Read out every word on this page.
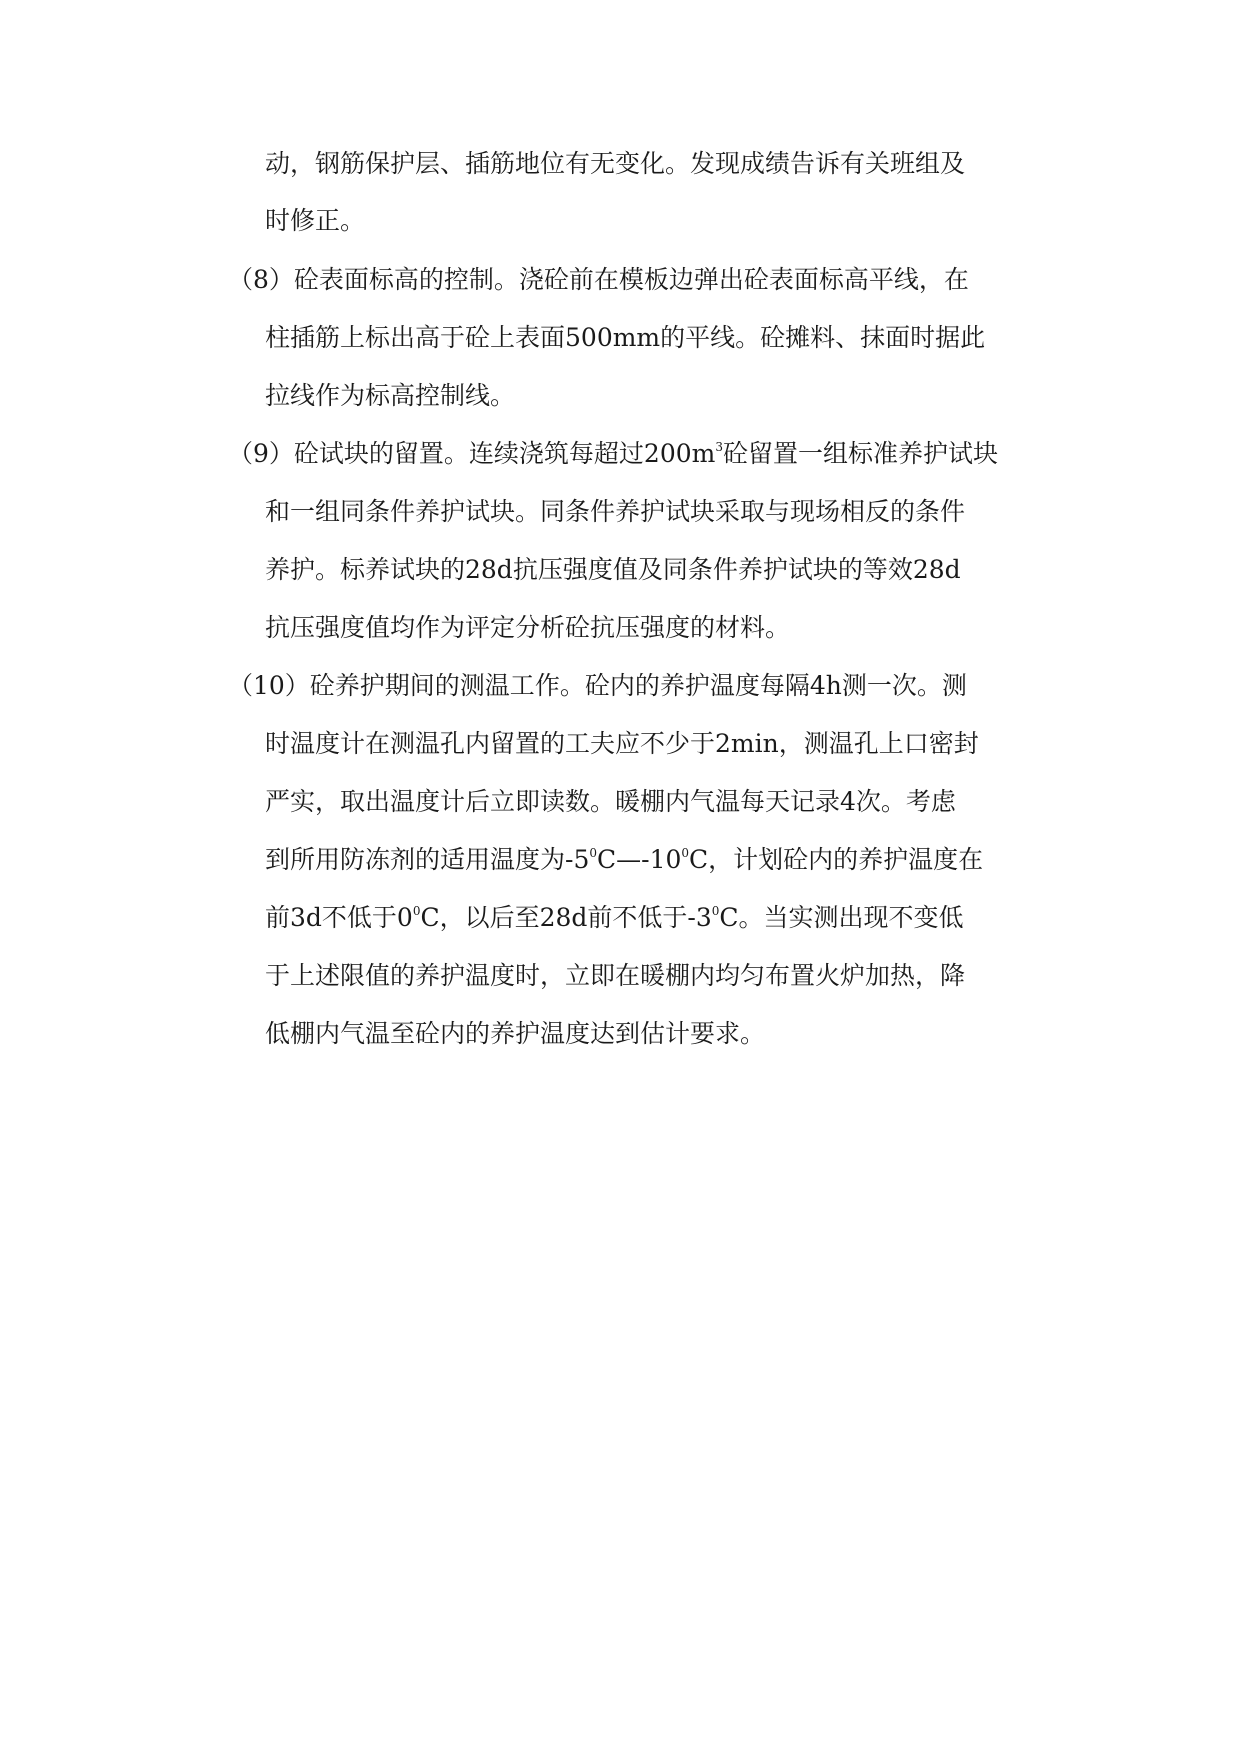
动，钢筋保护层、插筋地位有无变化。发现成绩告诉有关班组及
时修正。
（8）砼表面标高的控制。浇砼前在模板边弹出砼表面标高平线，在
柱插筋上标出高于砼上表面500mm的平线。砼摊料、抹面时据此
拉线作为标高控制线。
（9）砼试块的留置。连续浇筑每超过$200m^3$砼留置一组标准养护试块
和一组同条件养护试块。同条件养护试块采取与现场相反的条件
养护。标养试块的28d抗压强度值及同条件养护试块的等效28d
抗压强度值均作为评定分析砼抗压强度的材料。
（10）砼养护期间的测温工作。砼内的养护温度每隔4h测一次。测
时温度计在测温孔内留置的工夫应不少于2min，测温孔上口密封
严实，取出温度计后立即读数。暖棚内气温每天记录4次。考虑
到所用防冻剂的适用温度为$-5^0C—-10^0C$，计划砼内的养护温度在
前3d不低于$0^0C$，以后至28d前不低于$-3^0C$。当实测出现不变低
于上述限值的养护温度时，立即在暖棚内均匀布置火炉加热，降
低棚内气温至砼内的养护温度达到估计要求。
